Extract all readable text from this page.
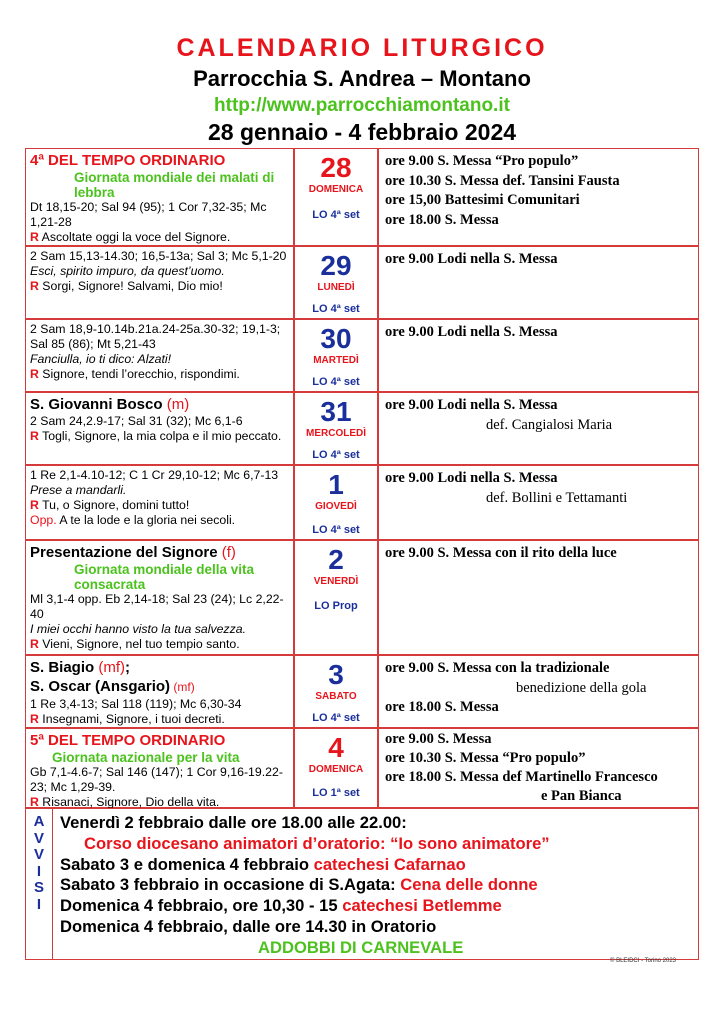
CALENDARIO LITURGICO
Parrocchia S. Andrea – Montano
http://www.parrocchiamontano.it
28 gennaio - 4 febbraio 2024
4ª DEL TEMPO ORDINARIO
Giornata mondiale dei malati di lebbra
Dt 18,15-20; Sal 94 (95); 1 Cor 7,32-35; Mc 1,21-28
R Ascoltate oggi la voce del Signore.
28
DOMENICA
LO 4ª set
ore 9.00 S. Messa “Pro populo”
ore 10.30 S. Messa def. Tansini Fausta
ore 15,00 Battesimi Comunitari
ore 18.00 S. Messa
2 Sam 15,13-14.30; 16,5-13a; Sal 3; Mc 5,1-20
Esci, spirito impuro, da quest’uomo.
R Sorgi, Signore! Salvami, Dio mio!
29
LUNEDÌ
LO 4ª set
ore 9.00 Lodi nella S. Messa
2 Sam 18,9-10.14b.21a.24-25a.30-32; 19,1-3; Sal 85 (86); Mt 5,21-43
Fanciulla, io ti dico: Alzati!
R Signore, tendi l’orecchio, rispondimi.
30
MARTEDÌ
LO 4ª set
ore 9.00 Lodi nella S. Messa
S. Giovanni Bosco (m)
2 Sam 24,2.9-17; Sal 31 (32); Mc 6,1-6
R Togli, Signore, la mia colpa e il mio peccato.
31
MERCOLEDÌ
LO 4ª set
ore 9.00 Lodi nella S. Messa
def. Cangialosi Maria
1 Re 2,1-4.10-12; C 1 Cr 29,10-12; Mc 6,7-13
Prese a mandarli.
R Tu, o Signore, domini tutto!
Opp. A te la lode e la gloria nei secoli.
1
GIOVEDÌ
LO 4ª set
ore 9.00 Lodi nella S. Messa
def. Bollini e Tettamanti
Presentazione del Signore (f)
Giornata mondiale della vita consacrata
Ml 3,1-4 opp. Eb 2,14-18; Sal 23 (24); Lc 2,22-40
I miei occhi hanno visto la tua salvezza.
R Vieni, Signore, nel tuo tempio santo.
2
VENERDÌ
LO Prop
ore 9.00 S. Messa con il rito della luce
S. Biagio (mf);
S. Oscar (Ansgario) (mf)
1 Re 3,4-13; Sal 118 (119); Mc 6,30-34
R Insegnami, Signore, i tuoi decreti.
3
SABATO
LO 4ª set
ore 9.00 S. Messa con la tradizionale
benedizione della gola
ore 18.00 S. Messa
5ª DEL TEMPO ORDINARIO
Giornata nazionale per la vita
Gb 7,1-4.6-7; Sal 146 (147); 1 Cor 9,16-19.22-23; Mc 1,29-39.
R Risanaci, Signore, Dio della vita.
4
DOMENICA
LO 1ª set
ore 9.00 S. Messa
ore 10.30 S. Messa “Pro populo”
ore 18.00 S. Messa def Martinello Francesco
e Pan Bianca
A
V
V
I
S
I
Venerdì 2 febbraio dalle ore 18.00 alle 22.00:
Corso diocesano animatori d’oratorio: “Io sono animatore”
Sabato 3 e domenica 4 febbraio catechesi Cafarnao
Sabato 3 febbraio in occasione di S.Agata: Cena delle donne
Domenica 4 febbraio, ore 10,30 - 15 catechesi Betlemme
Domenica 4 febbraio, dalle ore 14.30 in Oratorio
ADDOBBI DI CARNEVALE
© BLEIDCI - Torino 2023
